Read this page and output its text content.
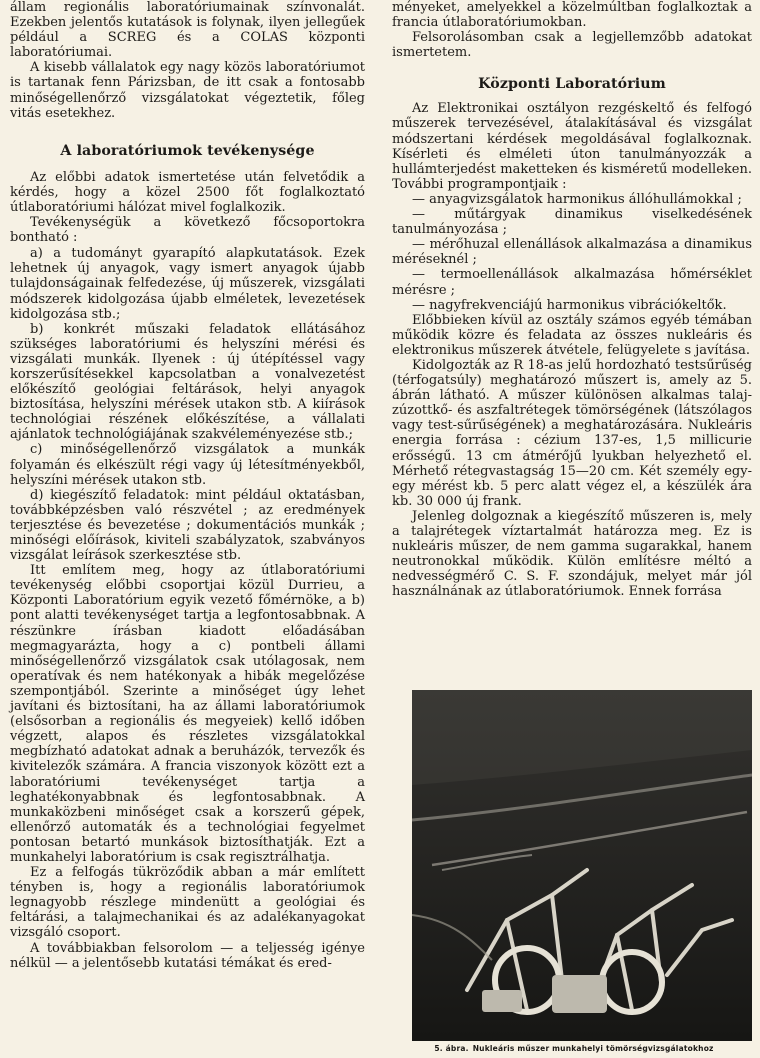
állam regionális laboratóriumainak színvonalát. Ezekben jelentős kutatások is folynak, ilyen jellegűek például a SCREG és a COLAS központi laboratóriumai.

A kisebb vállalatok egy nagy közös laboratóriumot is tartanak fenn Párizsban, de itt csak a fontosabb minőségellenőrző vizsgálatokat végeztetik, főleg vitás esetekhez.

A laboratóriumok tevékenysége

Az előbbi adatok ismertetése után felvetődik a kérdés, hogy a közel 2500 főt foglalkoztató útlaboratóriumi hálózat mivel foglalkozik.

Tevékenységük a következő főcsoportokra bontható :

a) a tudományt gyarapító alapkutatások. Ezek lehetnek új anyagok, vagy ismert anyagok újabb tulajdonságainak felfedezése, új műszerek, vizsgálati módszerek kidolgozása újabb elméletek, levezetések kidolgozása stb.;

b) konkrét műszaki feladatok ellátásához szükséges laboratóriumi és helyszíni mérési és vizsgálati munkák. Ilyenek : új útépítéssel vagy korszerűsítésekkel kapcsolatban a vonalvezetést előkészítő geológiai feltárások, helyi anyagok biztosítása, helyszíni mérések utakon stb. A kiírások technológiai részének előkészítése, a vállalati ajánlatok technológiájának szakvéleményezése stb.;

c) minőségellenőrző vizsgálatok a munkák folyamán és elkészült régi vagy új létesítményekből, helyszíni mérések utakon stb.

d) kiegészítő feladatok: mint például oktatásban, továbbképzésben való részvétel ; az eredmények terjesztése és bevezetése ; dokumentációs munkák ; minőségi előírások, kiviteli szabályzatok, szabványos vizsgálat leírások szerkesztése stb.

Itt említem meg, hogy az útlaboratóriumi tevékenység előbbi csoportjai közül Durrieu, a Központi Laboratórium egyik vezető főmérnöke, a b) pont alatti tevékenységet tartja a legfontosabbnak. A részünkre írásban kiadott előadásában megmagyarázta, hogy a c) pontbeli állami minőségellenőrző vizsgálatok csak utólagosak, nem operatívak és nem hatékonyak a hibák megelőzése szempontjából. Szerinte a minőséget úgy lehet javítani és biztosítani, ha az állami laboratóriumok (elsősorban a regionális és megyeiek) kellő időben végzett, alapos és részletes vizsgálatokkal megbízható adatokat adnak a beruházók, tervezők és kivitelezők számára. A francia viszonyok között ezt a laboratóriumi tevékenységet tartja a leghatékonyabbnak és legfontosabbnak. A munkaközbeni minőséget csak a korszerű gépek, ellenőrző automaták és a technológiai fegyelmet pontosan betartó munkások biztosíthatják. Ezt a munkahelyi laboratórium is csak regisztrálhatja.

Ez a felfogás tükröződik abban a már említett tényben is, hogy a regionális laboratóriumok legnagyobb részlege mindenütt a geológiai és feltárási, a talajmechanikai és az adalékanyagokat vizsgáló csoport.

A továbbiakban felsorolom — a teljesség igénye nélkül — a jelentősebb kutatási témákat és ered-

ményeket, amelyekkel a közelmúltban foglalkoztak a francia útlaboratóriumokban.

Felsorolásomban csak a legjellemzőbb adatokat ismertetem.

Központi Laboratórium

Az Elektronikai osztályon rezgéskeltő és felfogó műszerek tervezésével, átalakításával és vizsgálat módszertani kérdések megoldásával foglalkoznak. Kísérleti és elméleti úton tanulmányozzák a hullámterjedést maketteken és kisméretű modelleken. További programpontjaik :

— anyagvizsgálatok harmonikus állóhullámokkal ;

— műtárgyak dinamikus viselkedésének tanulmányozása ;

— mérőhuzal ellenállások alkalmazása a dinamikus méréseknél ;

— termoellenállások alkalmazása hőmérséklet mérésre ;

— nagyfrekvenciájú harmonikus vibrációkeltők.

Előbbieken kívül az osztály számos egyéb témában működik közre és feladata az összes nukleáris és elektronikus műszerek átvétele, felügyelete s javítása.

Kidolgozták az R 18-as jelű hordozható testsűrűség (térfogatsúly) meghatározó műszert is, amely az 5. ábrán látható. A műszer különösen alkalmas talaj- zúzottkő- és aszfaltrétegek tömörségének (látszólagos vagy test-sűrűségének) a meghatározására. Nukleáris energia forrása : cézium 137-es, 1,5 millicurie erősségű. 13 cm átmérőjű lyukban helyezhető el. Mérhető rétegvastagság 15—20 cm. Két személy egy-egy mérést kb. 5 perc alatt végez el, a készülék ára kb. 30 000 új frank.

Jelenleg dolgoznak a kiegészítő műszeren is, mely a talajrétegek víztartalmát határozza meg. Ez is nukleáris műszer, de nem gamma sugarakkal, hanem neutronokkal működik. Külön említésre méltó a nedvességmérő C. S. F. szondájuk, melyet már jól használnának az útlaboratóriumok. Ennek forrása

5. ábra. Nukleáris műszer munkahelyi tömörségvizsgálatokhoz
